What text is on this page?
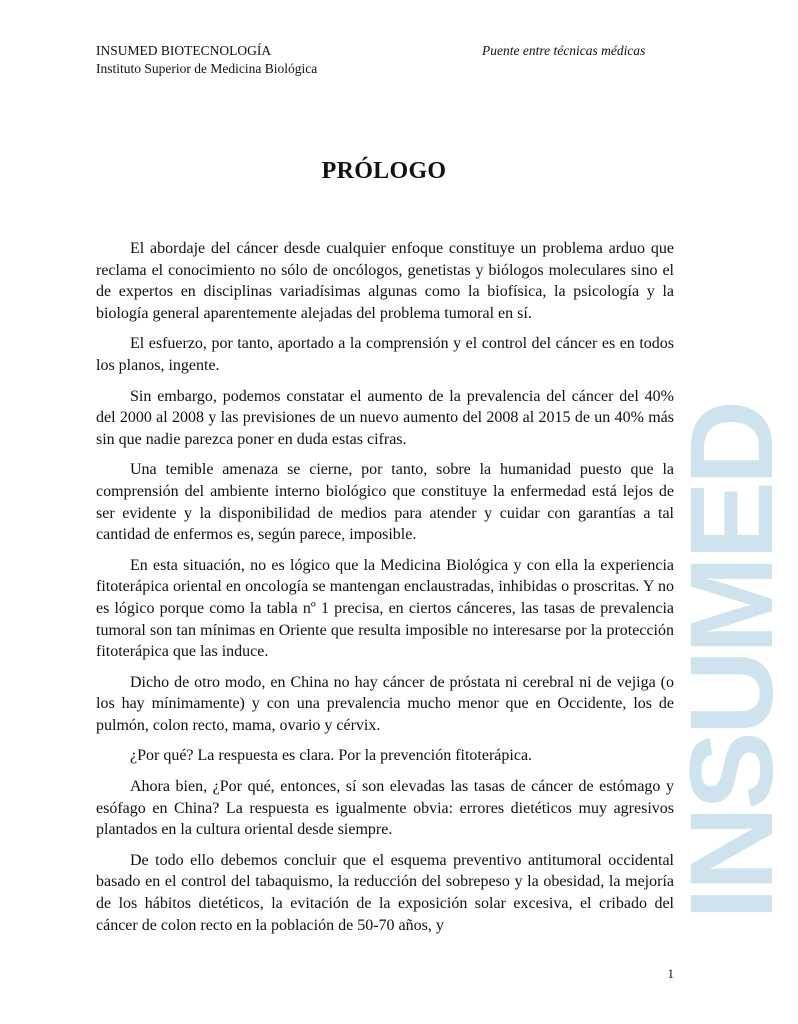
INSUMED BIOTECNOLOGÍA
Instituto Superior de Medicina Biológica
Puente entre técnicas médicas
INSUMED
PRÓLOGO

El abordaje del cáncer desde cualquier enfoque constituye un problema arduo que reclama el conocimiento no sólo de oncólogos, genetistas y biólogos moleculares sino el de expertos en disciplinas variadísimas algunas como la biofísica, la psicología y la biología general aparentemente alejadas del problema tumoral en sí.

El esfuerzo, por tanto, aportado a la comprensión y el control del cáncer es en todos los planos, ingente.

Sin embargo, podemos constatar el aumento de la prevalencia del cáncer del 40% del 2000 al 2008 y las previsiones de un nuevo aumento del 2008 al 2015 de un 40% más sin que nadie parezca poner en duda estas cifras.

Una temible amenaza se cierne, por tanto, sobre la humanidad puesto que la comprensión del ambiente interno biológico que constituye la enfermedad está lejos de ser evidente y la disponibilidad de medios para atender y cuidar con garantías a tal cantidad de enfermos es, según parece, imposible.

En esta situación, no es lógico que la Medicina Biológica y con ella la experiencia fitoterápica oriental en oncología se mantengan enclaustradas, inhibidas o proscritas. Y no es lógico porque como la tabla nº 1 precisa, en ciertos cánceres, las tasas de prevalencia tumoral son tan mínimas en Oriente que resulta imposible no interesarse por la protección fitoterápica que las induce.

Dicho de otro modo, en China no hay cáncer de próstata ni cerebral ni de vejiga (o los hay mínimamente) y con una prevalencia mucho menor que en Occidente, los de pulmón, colon recto, mama, ovario y cérvix.

¿Por qué? La respuesta es clara. Por la prevención fitoterápica.

Ahora bien, ¿Por qué, entonces, sí son elevadas las tasas de cáncer de estómago y esófago en China? La respuesta es igualmente obvia: errores dietéticos muy agresivos plantados en la cultura oriental desde siempre.

De todo ello debemos concluir que el esquema preventivo antitumoral occidental basado en el control del tabaquismo, la reducción del sobrepeso y la obesidad, la mejoría de los hábitos dietéticos, la evitación de la exposición solar excesiva, el cribado del cáncer de colon recto en la población de 50-70 años, y

1
